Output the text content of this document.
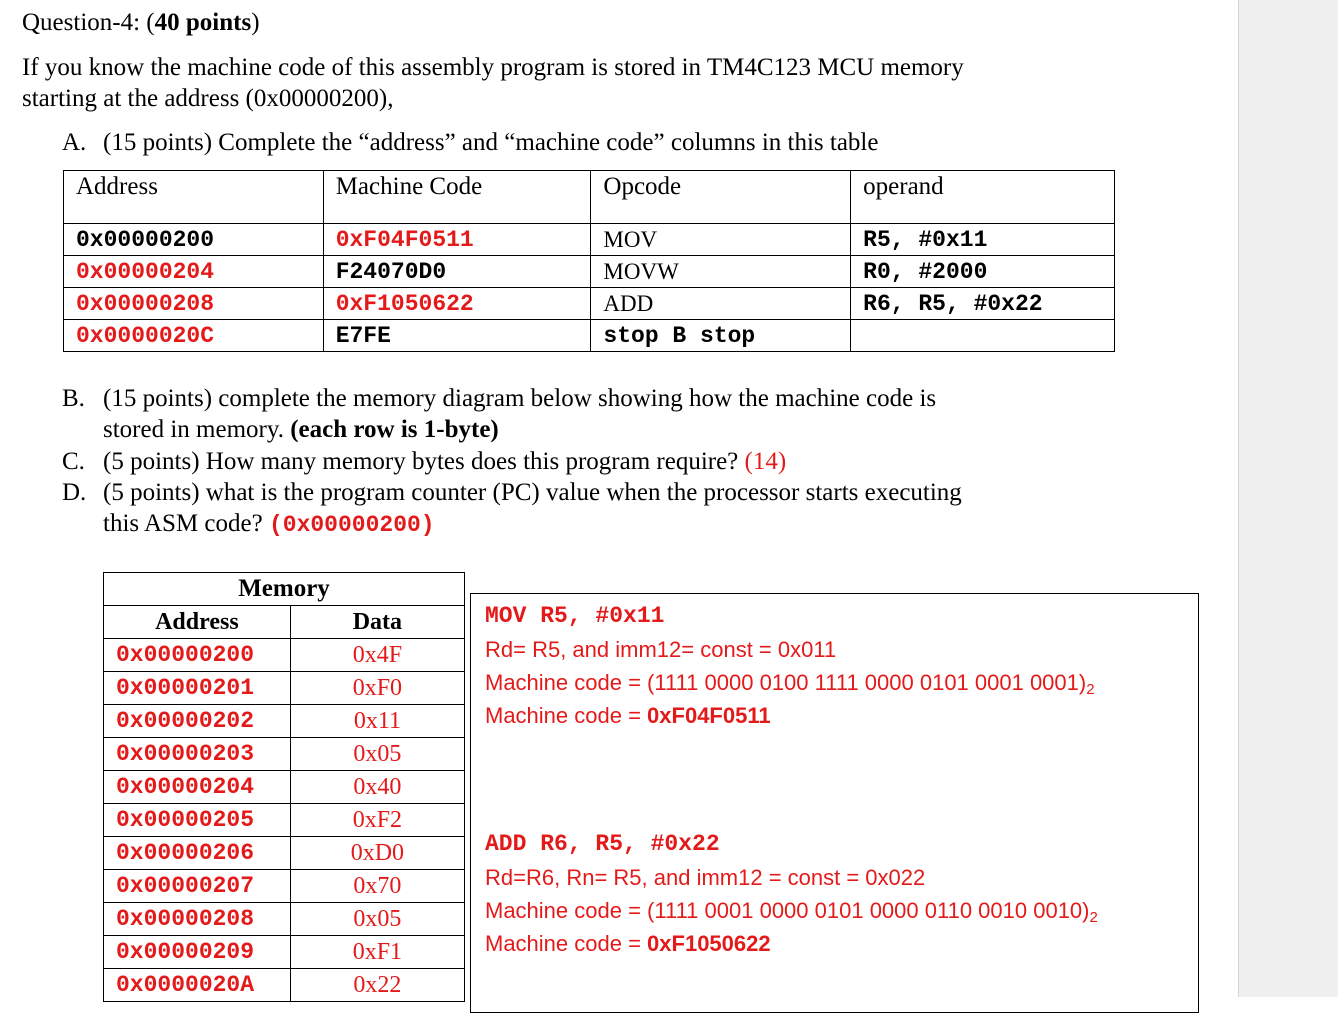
Question-4: (40 points)
If you know the machine code of this assembly program is stored in TM4C123 MCU memory
starting at the address (0x00000200),
A. (15 points) Complete the “address” and “machine code” columns in this table
Address	Machine Code	Opcode	operand
0x00000200	0xF04F0511	MOV	R5, #0x11
0x00000204	F24070D0	MOVW	R0, #2000
0x00000208	0xF1050622	ADD	R6, R5, #0x22
0x0000020C	E7FE	stop B stop	
B. (15 points) complete the memory diagram below showing how the machine code is
stored in memory. (each row is 1-byte)
C. (5 points) How many memory bytes does this program require? (14)
D. (5 points) what is the program counter (PC) value when the processor starts executing
this ASM code? (0x00000200)
Memory	
Address	Data
0x00000200	0x4F
0x00000201	0xF0
0x00000202	0x11
0x00000203	0x05
0x00000204	0x40
0x00000205	0xF2
0x00000206	0xD0
0x00000207	0x70
0x00000208	0x05
0x00000209	0xF1
0x0000020A	0x22
MOV R5, #0x11
Rd= R5, and imm12= const = 0x011
Machine code = (1111 0000 0100 1111 0000 0101 0001 $0001)_2$
Machine code = 0xF04F0511
ADD R6, R5, #0x22
Rd=R6, Rn= R5, and imm12 = const = 0x022
Machine code = (1111 0001 0000 0101 0000 0110 0010 $0010)_2$
Machine code = 0xF1050622
